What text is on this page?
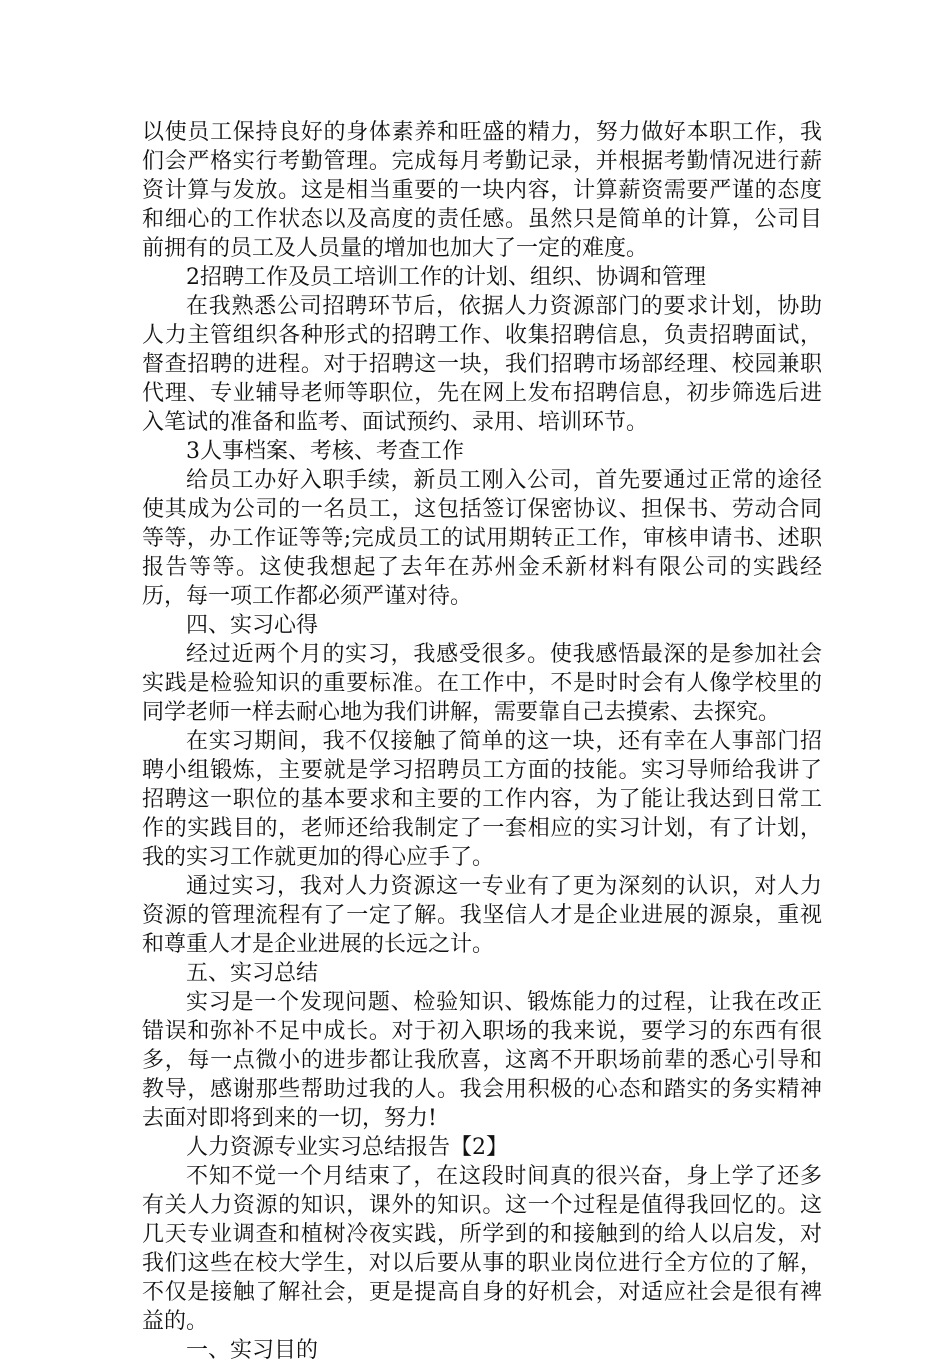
以使员工保持良好的身体素养和旺盛的精力，努力做好本职工作，我们会严格实行考勤管理。完成每月考勤记录，并根据考勤情况进行薪资计算与发放。这是相当重要的一块内容，计算薪资需要严谨的态度和细心的工作状态以及高度的责任感。虽然只是简单的计算，公司目前拥有的员工及人员量的增加也加大了一定的难度。

2招聘工作及员工培训工作的计划、组织、协调和管理

在我熟悉公司招聘环节后，依据人力资源部门的要求计划，协助人力主管组织各种形式的招聘工作、收集招聘信息，负责招聘面试，督查招聘的进程。对于招聘这一块，我们招聘市场部经理、校园兼职代理、专业辅导老师等职位，先在网上发布招聘信息，初步筛选后进入笔试的准备和监考、面试预约、录用、培训环节。

3人事档案、考核、考查工作

给员工办好入职手续，新员工刚入公司，首先要通过正常的途径使其成为公司的一名员工，这包括签订保密协议、担保书、劳动合同等等，办工作证等等;完成员工的试用期转正工作，审核申请书、述职报告等等。这使我想起了去年在苏州金禾新材料有限公司的实践经历，每一项工作都必须严谨对待。

四、实习心得

经过近两个月的实习，我感受很多。使我感悟最深的是参加社会实践是检验知识的重要标准。在工作中，不是时时会有人像学校里的同学老师一样去耐心地为我们讲解，需要靠自己去摸索、去探究。

在实习期间，我不仅接触了简单的这一块，还有幸在人事部门招聘小组锻炼，主要就是学习招聘员工方面的技能。实习导师给我讲了招聘这一职位的基本要求和主要的工作内容，为了能让我达到日常工作的实践目的，老师还给我制定了一套相应的实习计划，有了计划，我的实习工作就更加的得心应手了。

通过实习，我对人力资源这一专业有了更为深刻的认识，对人力资源的管理流程有了一定了解。我坚信人才是企业进展的源泉，重视和尊重人才是企业进展的长远之计。

五、实习总结

实习是一个发现问题、检验知识、锻炼能力的过程，让我在改正错误和弥补不足中成长。对于初入职场的我来说，要学习的东西有很多，每一点微小的进步都让我欣喜，这离不开职场前辈的悉心引导和教导，感谢那些帮助过我的人。我会用积极的心态和踏实的务实精神去面对即将到来的一切，努力!

人力资源专业实习总结报告【2】

不知不觉一个月结束了，在这段时间真的很兴奋，身上学了还多有关人力资源的知识，课外的知识。这一个过程是值得我回忆的。这几天专业调查和植树冷夜实践，所学到的和接触到的给人以启发，对我们这些在校大学生，对以后要从事的职业岗位进行全方位的了解，不仅是接触了解社会，更是提高自身的好机会，对适应社会是很有裨益的。

一、实习目的
